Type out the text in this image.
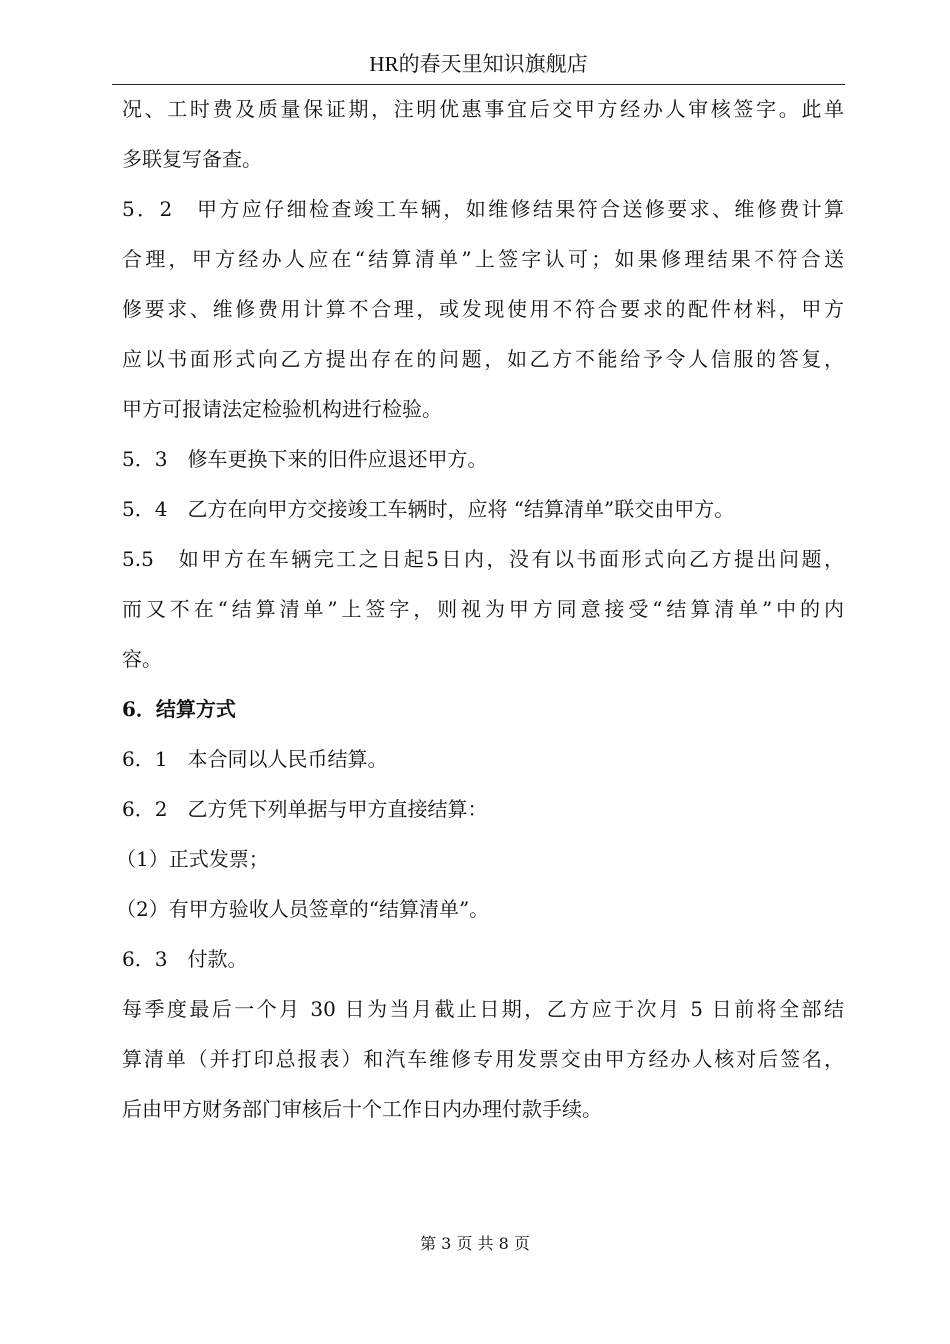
HR的春天里知识旗舰店
况、工时费及质量保证期，注明优惠事宜后交甲方经办人审核签字。此单
多联复写备查。
5．2　甲方应仔细检查竣工车辆，如维修结果符合送修要求、维修费计算
合理，甲方经办人应在“结算清单”上签字认可；如果修理结果不符合送
修要求、维修费用计算不合理，或发现使用不符合要求的配件材料，甲方
应以书面形式向乙方提出存在的问题，如乙方不能给予令人信服的答复，
甲方可报请法定检验机构进行检验。
5．3　修车更换下来的旧件应退还甲方。
5．4　乙方在向甲方交接竣工车辆时，应将 “结算清单”联交由甲方。
5.5　如甲方在车辆完工之日起5日内，没有以书面形式向乙方提出问题，
而又不在“结算清单”上签字，则视为甲方同意接受“结算清单”中的内
容。
6．结算方式
6．1　本合同以人民币结算。
6．2　乙方凭下列单据与甲方直接结算：
（1）正式发票；
（2）有甲方验收人员签章的“结算清单”。
6．3　付款。
每季度最后一个月 30 日为当月截止日期，乙方应于次月 5 日前将全部结
算清单（并打印总报表）和汽车维修专用发票交由甲方经办人核对后签名，
后由甲方财务部门审核后十个工作日内办理付款手续。
第 3 页 共 8 页
